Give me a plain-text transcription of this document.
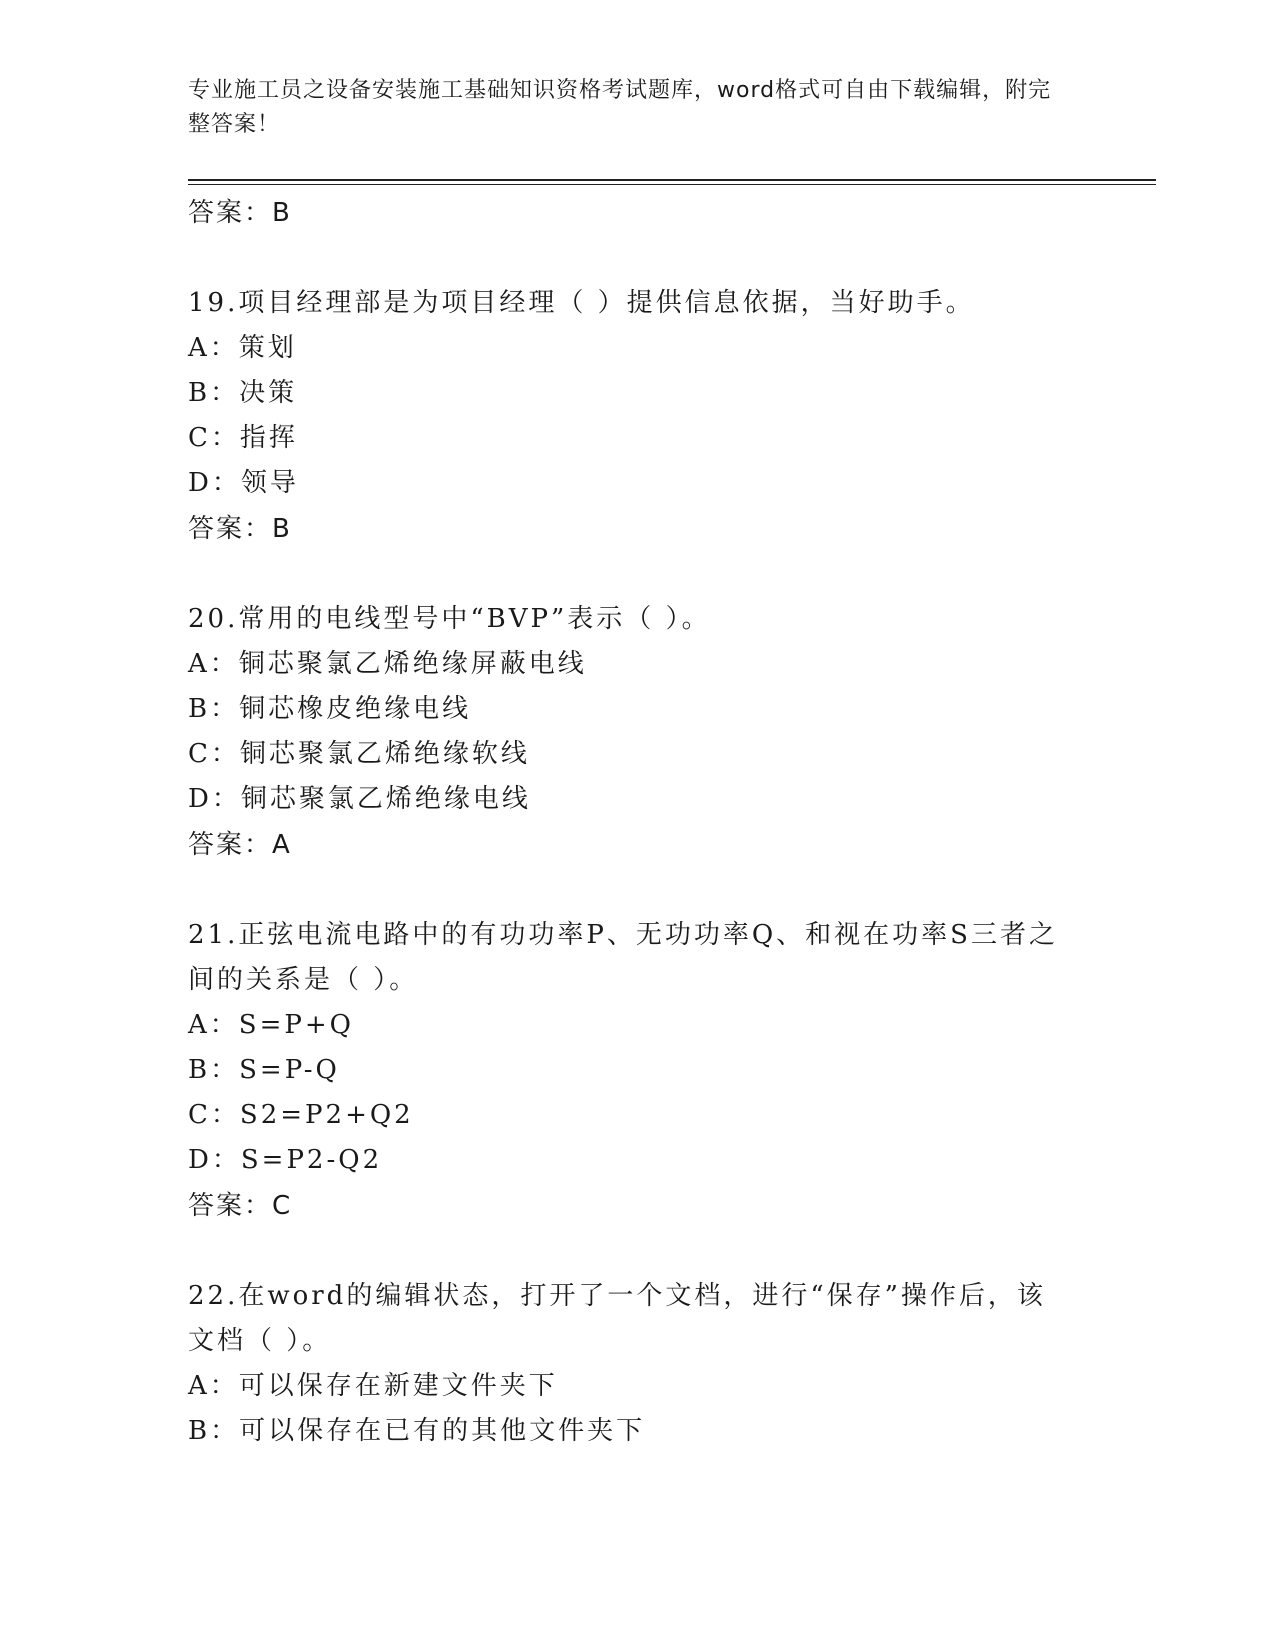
专业施工员之设备安装施工基础知识资格考试题库，word格式可自由下载编辑，附完整答案！
答案：B
19.项目经理部是为项目经理（ ）提供信息依据，当好助手。
A：策划
B：决策
C：指挥
D：领导
答案：B
20.常用的电线型号中“BVP”表示（ ）。
A：铜芯聚氯乙烯绝缘屏蔽电线
B：铜芯橡皮绝缘电线
C：铜芯聚氯乙烯绝缘软线
D：铜芯聚氯乙烯绝缘电线
答案：A
21.正弦电流电路中的有功功率P、无功功率Q、和视在功率S三者之间的关系是（ ）。
A：S=P+Q
B：S=P-Q
C：S2=P2+Q2
D：S=P2-Q2
答案：C
22.在word的编辑状态，打开了一个文档，进行“保存”操作后，该文档（ ）。
A：可以保存在新建文件夹下
B：可以保存在已有的其他文件夹下
